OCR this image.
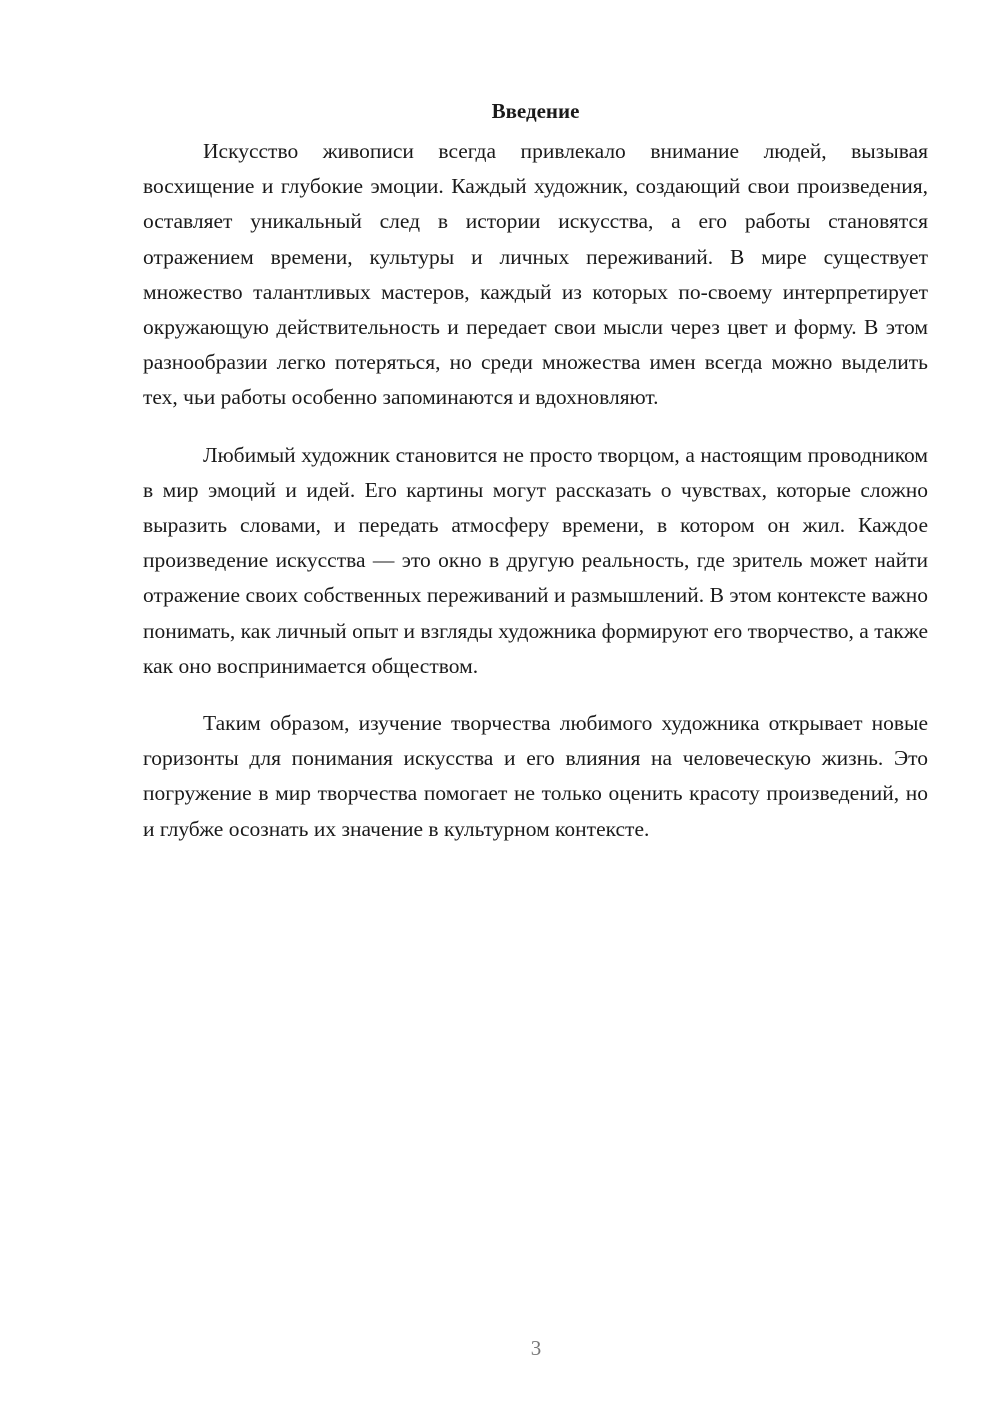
Введение

Искусство живописи всегда привлекало внимание людей, вызывая восхищение и глубокие эмоции. Каждый художник, создающий свои произведения, оставляет уникальный след в истории искусства, а его работы становятся отражением времени, культуры и личных переживаний. В мире существует множество талантливых мастеров, каждый из которых по-своему интерпретирует окружающую действительность и передает свои мысли через цвет и форму. В этом разнообразии легко потеряться, но среди множества имен всегда можно выделить тех, чьи работы особенно запоминаются и вдохновляют.

Любимый художник становится не просто творцом, а настоящим проводником в мир эмоций и идей. Его картины могут рассказать о чувствах, которые сложно выразить словами, и передать атмосферу времени, в котором он жил. Каждое произведение искусства — это окно в другую реальность, где зритель может найти отражение своих собственных переживаний и размышлений. В этом контексте важно понимать, как личный опыт и взгляды художника формируют его творчество, а также как оно воспринимается обществом.

Таким образом, изучение творчества любимого художника открывает новые горизонты для понимания искусства и его влияния на человеческую жизнь. Это погружение в мир творчества помогает не только оценить красоту произведений, но и глубже осознать их значение в культурном контексте.

3
